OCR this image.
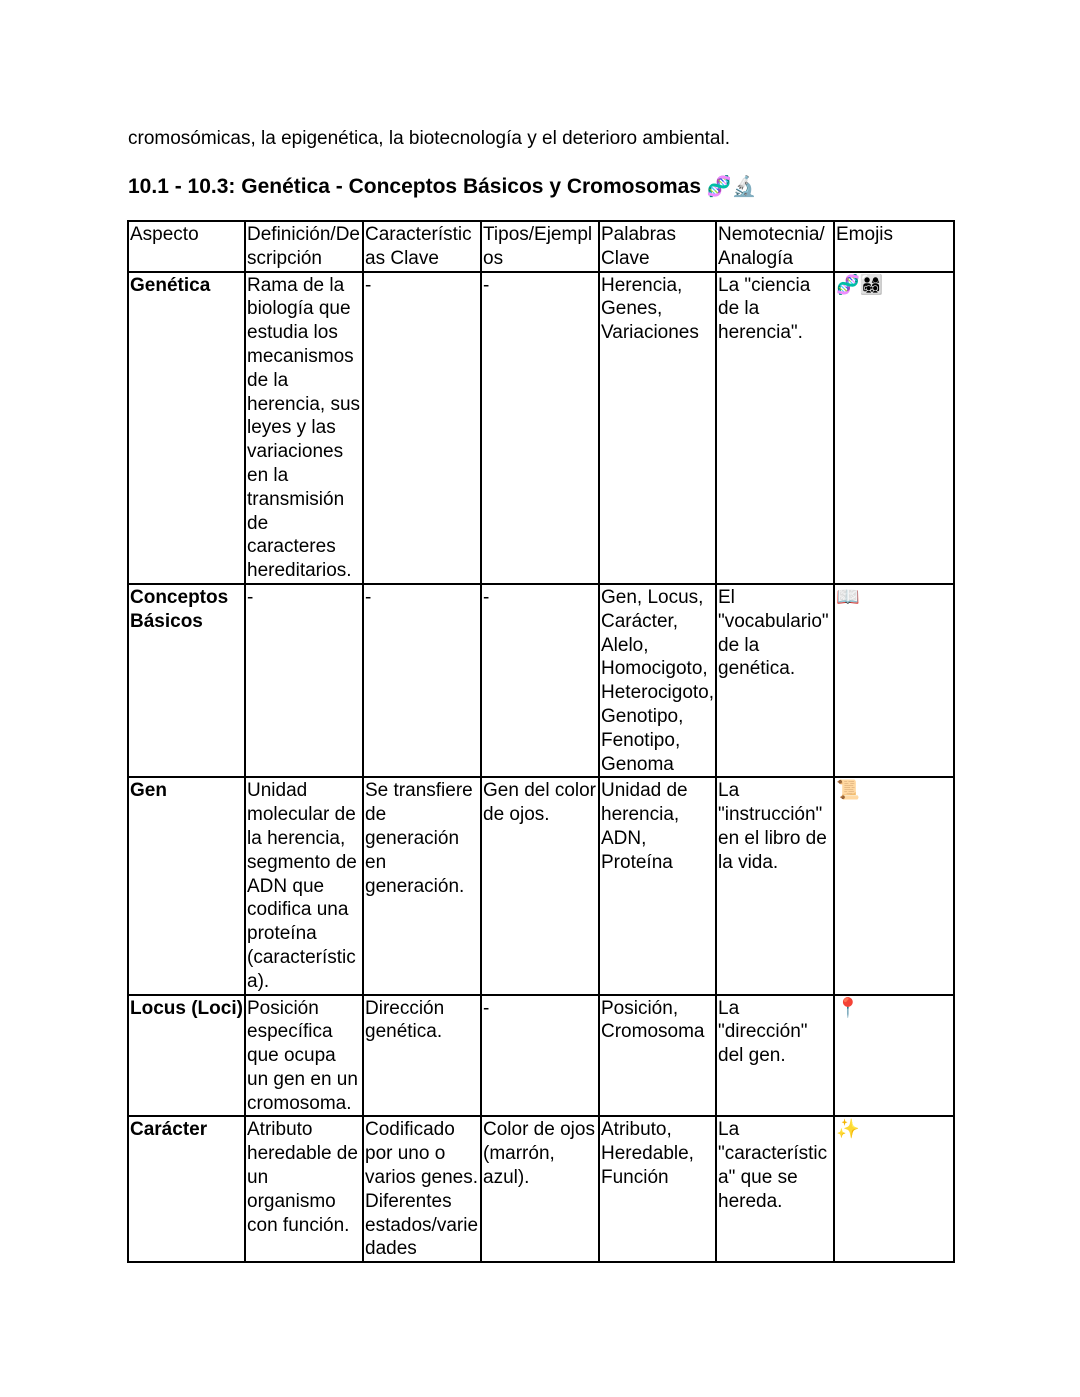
cromosómicas, la epigenética, la biotecnología y el deterioro ambiental.
10.1 - 10.3: Genética - Conceptos Básicos y Cromosomas 🧬🔬
Aspecto	Definición/Descripción	Características Clave	Tipos/Ejemplos	Palabras Clave	Nemotecnia/ Analogía	Emojis
Genética	Rama de la biología que estudia los mecanismos de la herencia, sus leyes y las variaciones en la transmisión de caracteres hereditarios.	-	-	Herencia, Genes, Variaciones	La "ciencia de la herencia".	🧬👨‍👩‍👧‍👦
Conceptos Básicos	-	-	-	Gen, Locus, Carácter, Alelo, Homocigoto, Heterocigoto, Genotipo, Fenotipo, Genoma	El "vocabulario" de la genética.	📖
Gen	Unidad molecular de la herencia, segmento de ADN que codifica una proteína (característica).	Se transfiere de generación en generación.	Gen del color de ojos.	Unidad de herencia, ADN, Proteína	La "instrucción" en el libro de la vida.	📜
Locus (Loci)	Posición específica que ocupa un gen en un cromosoma.	Dirección genética.	-	Posición, Cromosoma	La "dirección" del gen.	📍
Carácter	Atributo heredable de un organismo con función.	Codificado por uno o varios genes. Diferentes estados/variedades	Color de ojos (marrón, azul).	Atributo, Heredable, Función	La "característica" que se hereda.	✨
